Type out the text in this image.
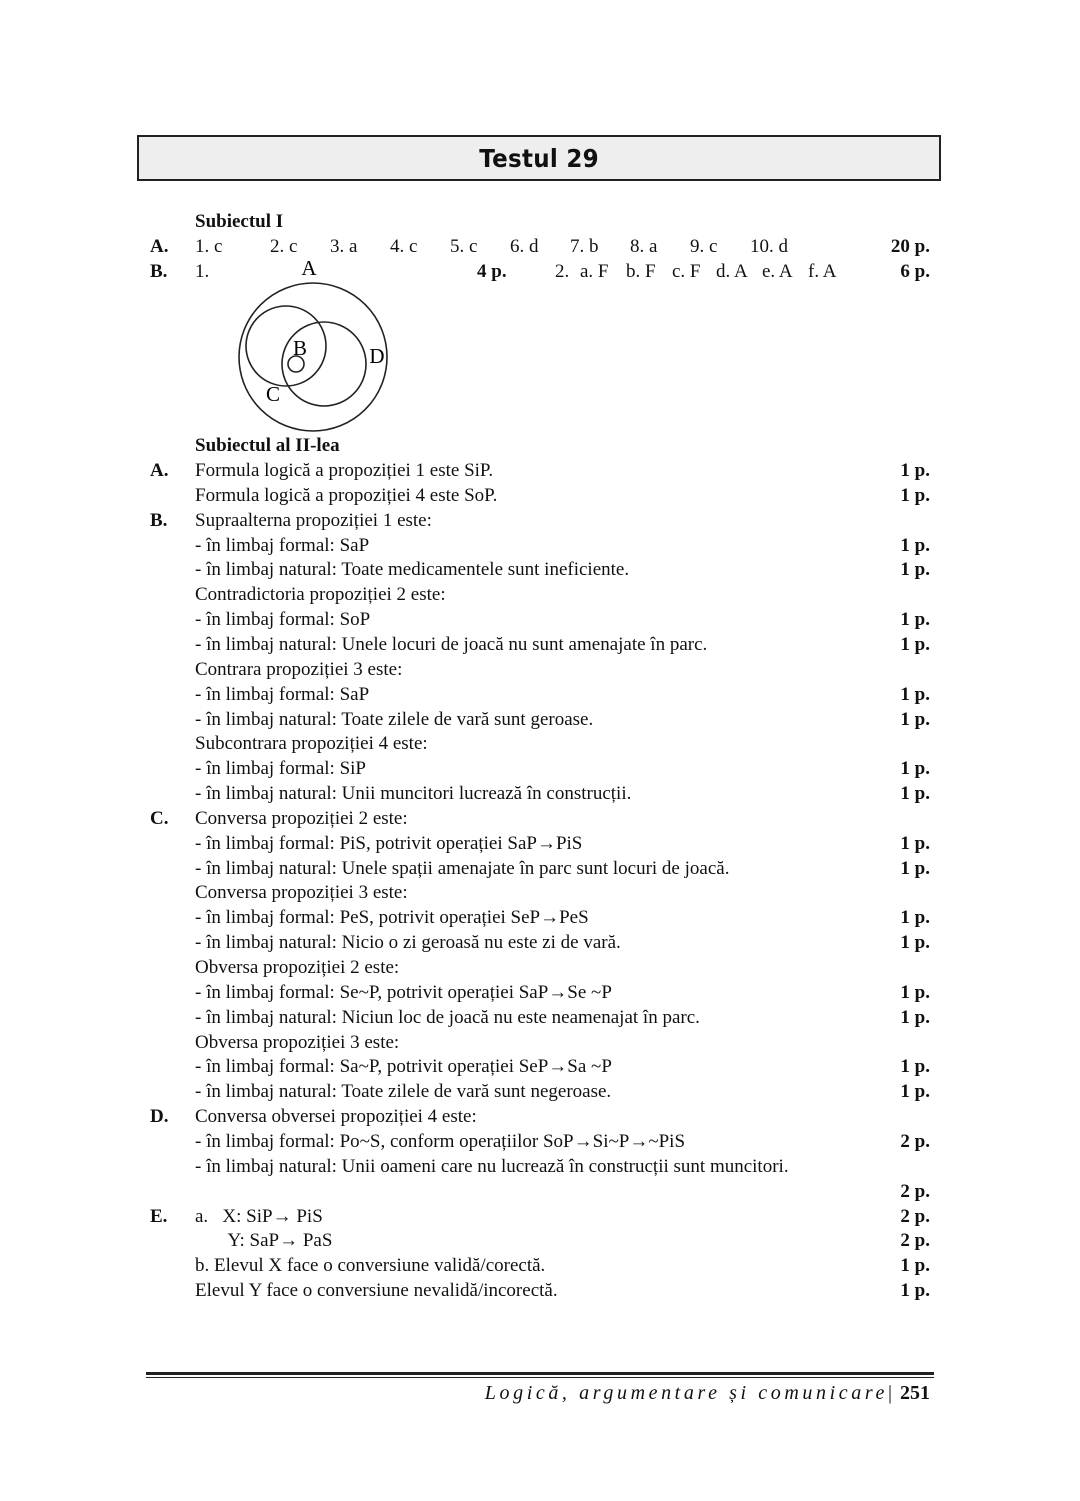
Testul 29
Subiectul I
A. 1. c	2. c 3. a 4. c 5. c 6. d 7. b 8. a 9. c 10. d	20 p.
B. 1.	4 p.	2. a. F b. F c. F d. A e. A f. A	6 p.
A
B
C
D
Subiectul al II-lea
A. Formula logică a propoziției 1 este SiP.	1 p.
Formula logică a propoziției 4 este SoP.	1 p.
B. Supraalterna propoziției 1 este:
- în limbaj formal: SaP	1 p.
- în limbaj natural: Toate medicamentele sunt ineficiente.	1 p.
Contradictoria propoziției 2 este:
- în limbaj formal: SoP	1 p.
- în limbaj natural: Unele locuri de joacă nu sunt amenajate în parc.	1 p.
Contrara propoziției 3 este:
- în limbaj formal: SaP	1 p.
- în limbaj natural: Toate zilele de vară sunt geroase.	1 p.
Subcontrara propoziției 4 este:
- în limbaj formal: SiP	1 p.
- în limbaj natural: Unii muncitori lucrează în construcții.	1 p.
C. Conversa propoziției 2 este:
- în limbaj formal: PiS, potrivit operației SaP→PiS	1 p.
- în limbaj natural: Unele spații amenajate în parc sunt locuri de joacă.	1 p.
Conversa propoziției 3 este:
- în limbaj formal: PeS, potrivit operației SeP→PeS	1 p.
- în limbaj natural: Nicio o zi geroasă nu este zi de vară.	1 p.
Obversa propoziției 2 este:
- în limbaj formal: Se~P, potrivit operației SaP→Se ~P	1 p.
- în limbaj natural: Niciun loc de joacă nu este neamenajat în parc.	1 p.
Obversa propoziției 3 este:
- în limbaj formal: Sa~P, potrivit operației SeP→Sa ~P	1 p.
- în limbaj natural: Toate zilele de vară sunt negeroase.	1 p.
D. Conversa obversei propoziției 4 este:
- în limbaj formal: Po~S, conform operațiilor SoP→Si~P→~PiS	2 p.
- în limbaj natural: Unii oameni care nu lucrează în construcții sunt muncitori.
2 p.
E. a.   X: SiP→ PiS	2 p.
Y: SaP→ PaS	2 p.
b. Elevul X face o conversiune validă/corectă.	1 p.
Elevul Y face o conversiune nevalidă/incorectă.	1 p.
Logică, argumentare și comunicare| 251
